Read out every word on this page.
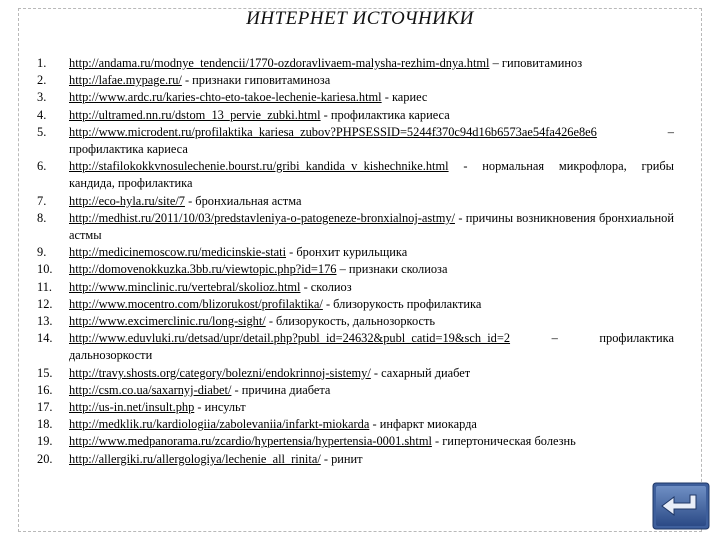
ИНТЕРНЕТ ИСТОЧНИКИ
1.	http://andama.ru/modnye_tendencii/1770-ozdoravlivaem-malysha-rezhim-dnya.html – гиповитаминоз
2.	http://lafae.mypage.ru/ - признаки гиповитаминоза
3.	http://www.ardc.ru/karies-chto-eto-takoe-lechenie-kariesa.html - кариес
4.	http://ultramed.nn.ru/dstom_13_pervie_zubki.html - профилактика кариеса
5.	http://www.microdent.ru/profilaktika_kariesa_zubov?PHPSESSID=5244f370c94d16b6573ae54fa426e8e6 – профилактика кариеса
6.	http://stafilokokkvnosulechenie.bourst.ru/gribi_kandida_v_kishechnike.html - нормальная микрофлора, грибы кандида, профилактика
7.	http://eco-hyla.ru/site/7 - бронхиальная астма
8.	http://medhist.ru/2011/10/03/predstavleniya-o-patogeneze-bronxialnoj-astmy/ - причины возникновения бронхиальной астмы
9.	http://medicinemoscow.ru/medicinskie-stati - бронхит курильщика
10.	http://domovenokkuzka.3bb.ru/viewtopic.php?id=176 – признаки сколиоза
11.	http://www.minclinic.ru/vertebral/skolioz.html - сколиоз
12.	http://www.mocentro.com/blizorukost/profilaktika/ - близорукость профилактика
13.	http://www.excimerclinic.ru/long-sight/ - близорукость, дальнозоркость
14.	http://www.eduvluki.ru/detsad/upr/detail.php?publ_id=24632&publ_catid=19&sch_id=2 – профилактика дальнозоркости
15.	http://travy.shosts.org/category/bolezni/endokrinnoj-sistemy/ - сахарный диабет
16.	http://csm.co.ua/saxarnyj-diabet/ - причина диабета
17.	http://us-in.net/insult.php - инсульт
18.	http://medklik.ru/kardiologiia/zabolevaniia/infarkt-miokarda - инфаркт миокарда
19.	http://www.medpanorama.ru/zcardio/hypertensia/hypertensia-0001.shtml - гипертоническая болезнь
20.	http://allergiki.ru/allergologiya/lechenie_all_rinita/ - ринит
